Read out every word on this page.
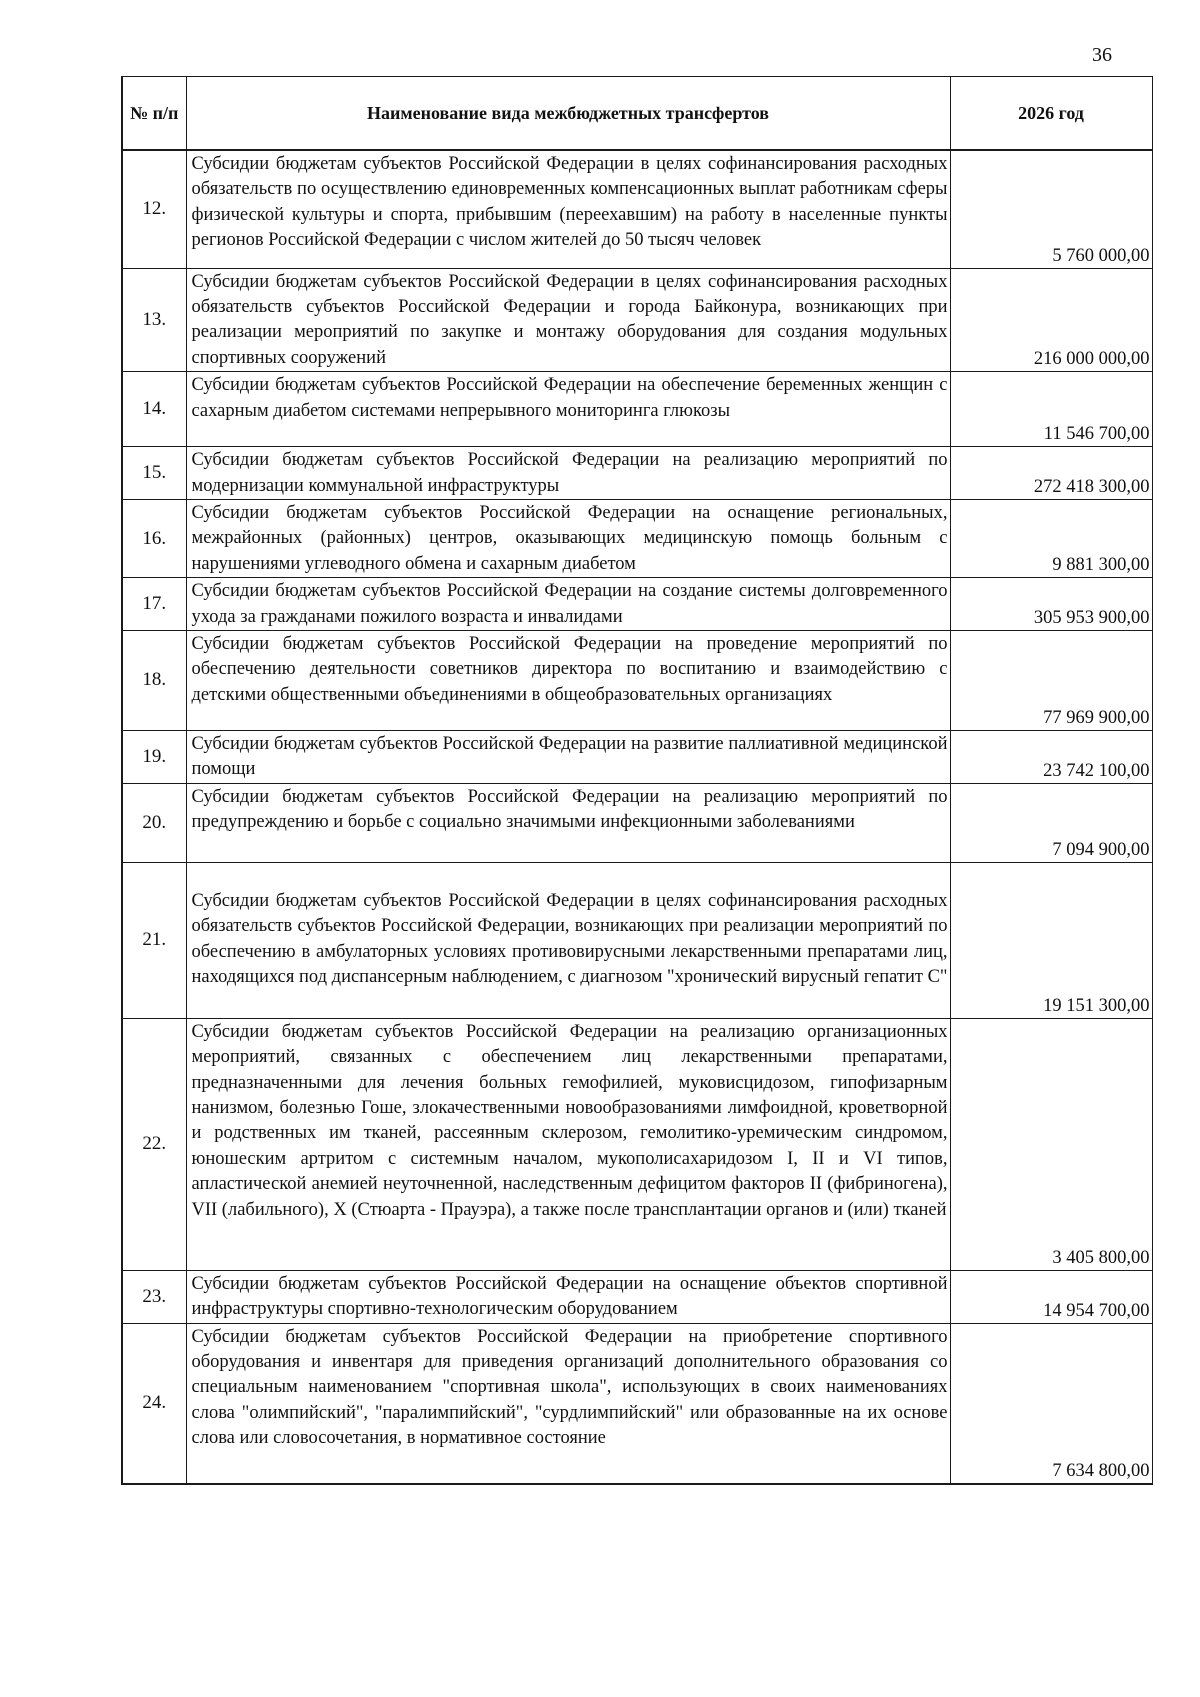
36
№ п/п	Наименование вида межбюджетных трансфертов	2026 год
12.	Субсидии бюджетам субъектов Российской Федерации в целях софинансирования расходных обязательств по осуществлению единовременных компенсационных выплат работникам сферы физической культуры и спорта, прибывшим (переехавшим) на работу в населенные пункты регионов Российской Федерации с числом жителей до 50 тысяч человек	5 760 000,00
13.	Субсидии бюджетам субъектов Российской Федерации в целях софинансирования расходных обязательств субъектов Российской Федерации и города Байконура, возникающих при реализации мероприятий по закупке и монтажу оборудования для создания модульных спортивных сооружений	216 000 000,00
14.	Субсидии бюджетам субъектов Российской Федерации на обеспечение беременных женщин с сахарным диабетом системами непрерывного мониторинга глюкозы	11 546 700,00
15.	Субсидии бюджетам субъектов Российской Федерации на реализацию мероприятий по модернизации коммунальной инфраструктуры	272 418 300,00
16.	Субсидии бюджетам субъектов Российской Федерации на оснащение региональных, межрайонных (районных) центров, оказывающих медицинскую помощь больным с нарушениями углеводного обмена и сахарным диабетом	9 881 300,00
17.	Субсидии бюджетам субъектов Российской Федерации на создание системы долговременного ухода за гражданами пожилого возраста и инвалидами	305 953 900,00
18.	Субсидии бюджетам субъектов Российской Федерации на проведение мероприятий по обеспечению деятельности советников директора по воспитанию и взаимодействию с детскими общественными объединениями в общеобразовательных организациях	77 969 900,00
19.	Субсидии бюджетам субъектов Российской Федерации на развитие паллиативной медицинской помощи	23 742 100,00
20.	Субсидии бюджетам субъектов Российской Федерации на реализацию мероприятий по предупреждению и борьбе с социально значимыми инфекционными заболеваниями	7 094 900,00
21.	Субсидии бюджетам субъектов Российской Федерации в целях софинансирования расходных обязательств субъектов Российской Федерации, возникающих при реализации мероприятий по обеспечению в амбулаторных условиях противовирусными лекарственными препаратами лиц, находящихся под диспансерным наблюдением, с диагнозом "хронический вирусный гепатит С"	19 151 300,00
22.	Субсидии бюджетам субъектов Российской Федерации на реализацию организационных мероприятий, связанных с обеспечением лиц лекарственными препаратами, предназначенными для лечения больных гемофилией, муковисцидозом, гипофизарным нанизмом, болезнью Гоше, злокачественными новообразованиями лимфоидной, кроветворной и родственных им тканей, рассеянным склерозом, гемолитико-уремическим синдромом, юношеским артритом с системным началом, мукополисахаридозом I, II и VI типов, апластической анемией неуточненной, наследственным дефицитом факторов II (фибриногена), VII (лабильного), X (Стюарта - Прауэра), а также после трансплантации органов и (или) тканей	3 405 800,00
23.	Субсидии бюджетам субъектов Российской Федерации на оснащение объектов спортивной инфраструктуры спортивно-технологическим оборудованием	14 954 700,00
24.	Субсидии бюджетам субъектов Российской Федерации на приобретение спортивного оборудования и инвентаря для приведения организаций дополнительного образования со специальным наименованием "спортивная школа", использующих в своих наименованиях слова "олимпийский", "паралимпийский", "сурдлимпийский" или образованные на их основе слова или словосочетания, в нормативное состояние	7 634 800,00
